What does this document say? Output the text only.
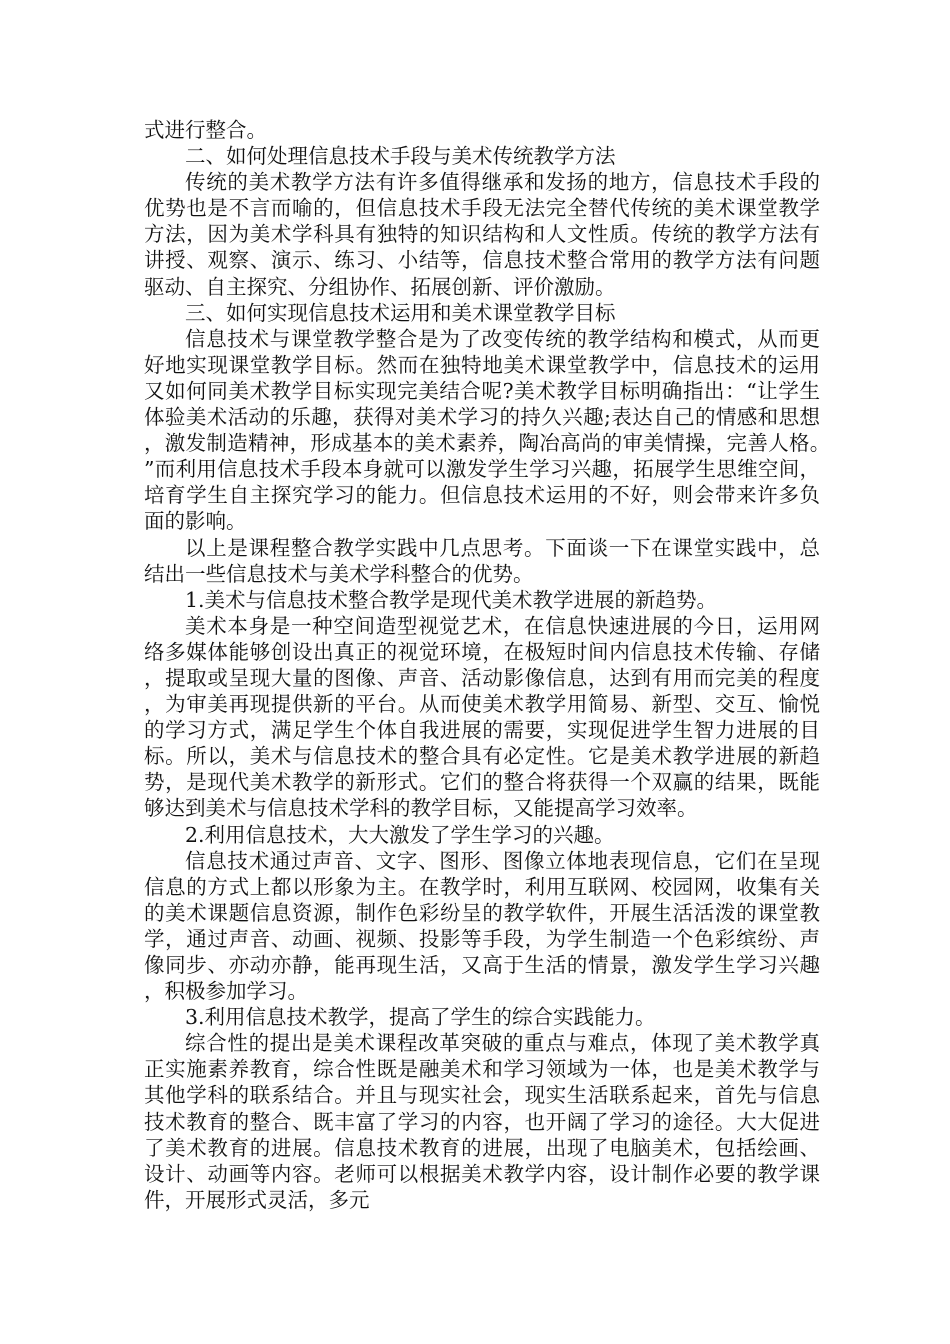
式进行整合。

二、如何处理信息技术手段与美术传统教学方法

传统的美术教学方法有许多值得继承和发扬的地方，信息技术手段的优势也是不言而喻的，但信息技术手段无法完全替代传统的美术课堂教学方法，因为美术学科具有独特的知识结构和人文性质。传统的教学方法有讲授、观察、演示、练习、小结等，信息技术整合常用的教学方法有问题驱动、自主探究、分组协作、拓展创新、评价激励。

三、如何实现信息技术运用和美术课堂教学目标

信息技术与课堂教学整合是为了改变传统的教学结构和模式，从而更好地实现课堂教学目标。然而在独特地美术课堂教学中，信息技术的运用又如何同美术教学目标实现完美结合呢?美术教学目标明确指出：“让学生体验美术活动的乐趣，获得对美术学习的持久兴趣;表达自己的情感和思想，激发制造精神，形成基本的美术素养，陶冶高尚的审美情操，完善人格。”而利用信息技术手段本身就可以激发学生学习兴趣，拓展学生思维空间，培育学生自主探究学习的能力。但信息技术运用的不好，则会带来许多负面的影响。

以上是课程整合教学实践中几点思考。下面谈一下在课堂实践中，总结出一些信息技术与美术学科整合的优势。

1.美术与信息技术整合教学是现代美术教学进展的新趋势。

美术本身是一种空间造型视觉艺术，在信息快速进展的今日，运用网络多媒体能够创设出真正的视觉环境，在极短时间内信息技术传输、存储，提取或呈现大量的图像、声音、活动影像信息，达到有用而完美的程度，为审美再现提供新的平台。从而使美术教学用简易、新型、交互、愉悦的学习方式，满足学生个体自我进展的需要，实现促进学生智力进展的目标。所以，美术与信息技术的整合具有必定性。它是美术教学进展的新趋势，是现代美术教学的新形式。它们的整合将获得一个双赢的结果，既能够达到美术与信息技术学科的教学目标，又能提高学习效率。

2.利用信息技术，大大激发了学生学习的兴趣。

信息技术通过声音、文字、图形、图像立体地表现信息，它们在呈现信息的方式上都以形象为主。在教学时，利用互联网、校园网，收集有关的美术课题信息资源，制作色彩纷呈的教学软件，开展生活活泼的课堂教学，通过声音、动画、视频、投影等手段，为学生制造一个色彩缤纷、声像同步、亦动亦静，能再现生活，又高于生活的情景，激发学生学习兴趣，积极参加学习。

3.利用信息技术教学，提高了学生的综合实践能力。

综合性的提出是美术课程改革突破的重点与难点，体现了美术教学真正实施素养教育，综合性既是融美术和学习领域为一体，也是美术教学与其他学科的联系结合。并且与现实社会，现实生活联系起来，首先与信息技术教育的整合、既丰富了学习的内容，也开阔了学习的途径。大大促进了美术教育的进展。信息技术教育的进展，出现了电脑美术，包括绘画、设计、动画等内容。老师可以根据美术教学内容，设计制作必要的教学课件，开展形式灵活，多元
